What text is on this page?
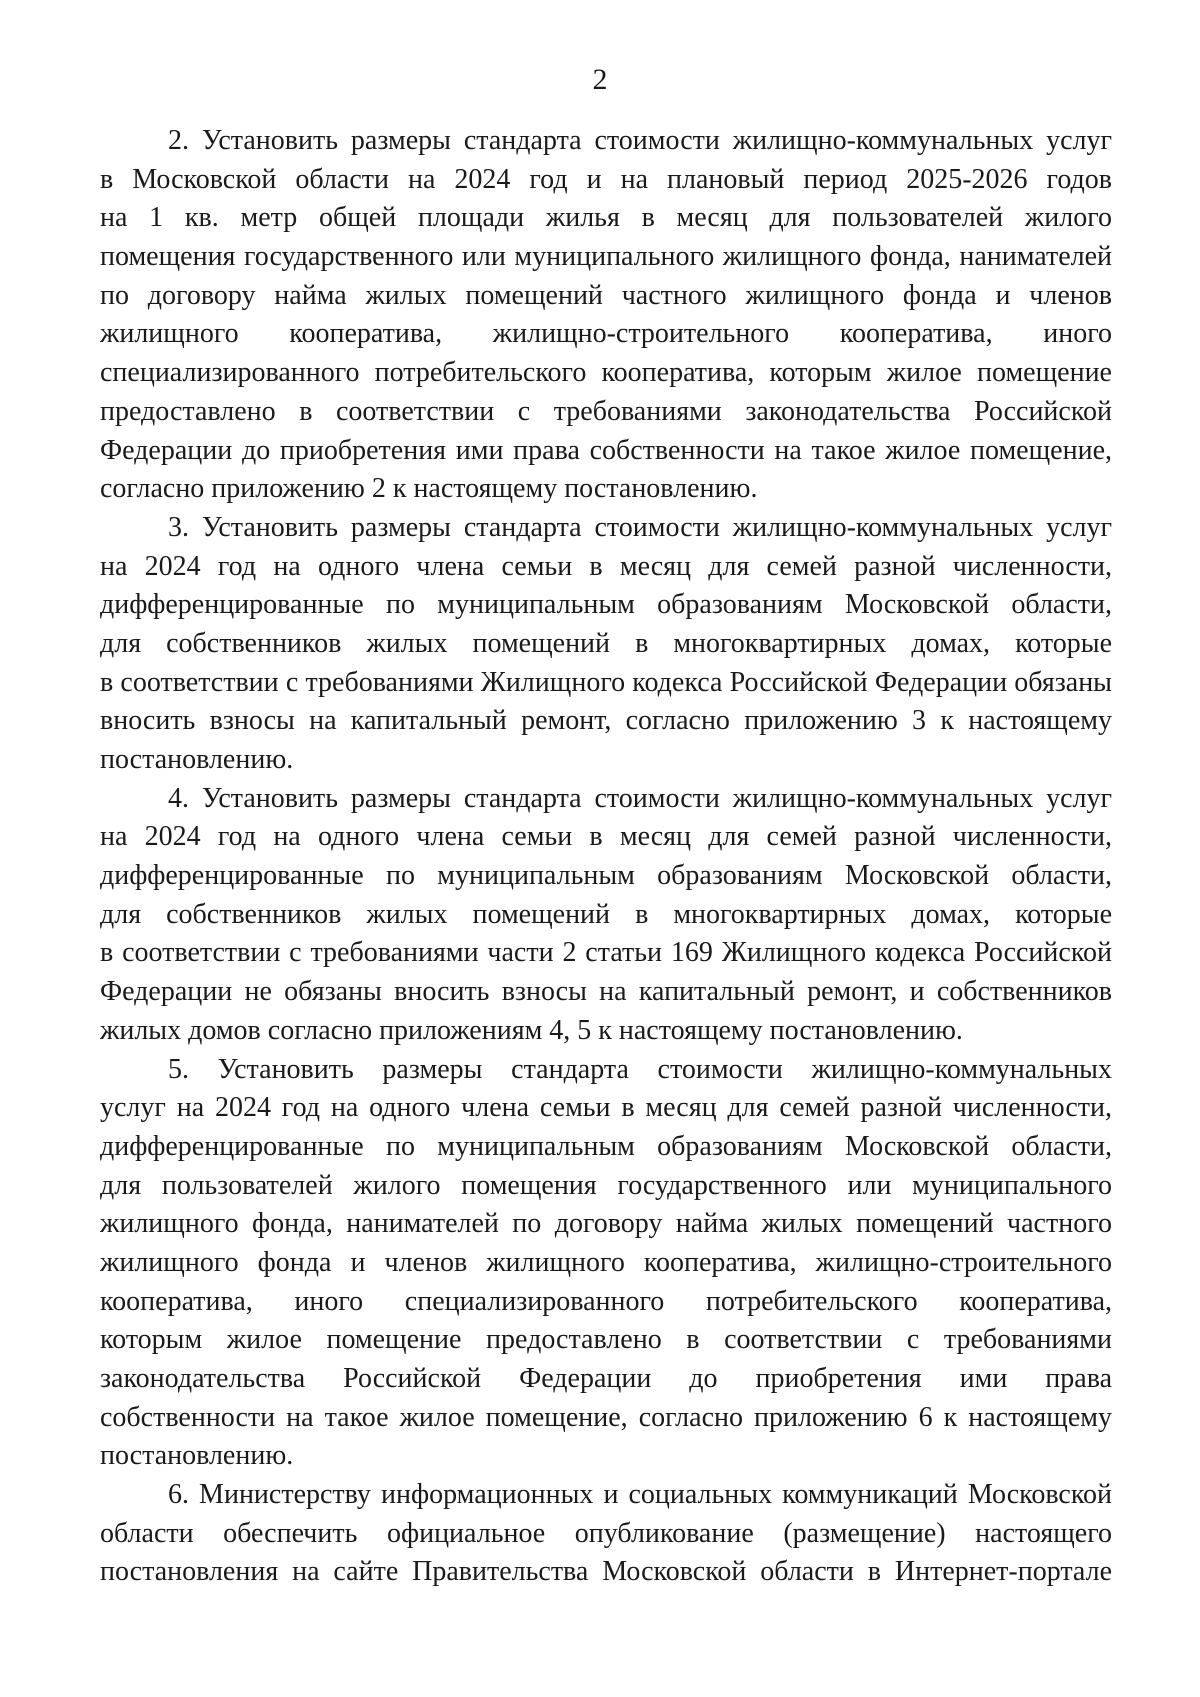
2
2. Установить размеры стандарта стоимости жилищно-коммунальных услуг
в Московской области на 2024 год и на плановый период 2025-2026 годов
на 1 кв. метр общей площади жилья в месяц для пользователей жилого
помещения государственного или муниципального жилищного фонда, нанимателей
по договору найма жилых помещений частного жилищного фонда и членов
жилищного кооператива, жилищно-строительного кооператива, иного
специализированного потребительского кооператива, которым жилое помещение
предоставлено в соответствии с требованиями законодательства Российской
Федерации до приобретения ими права собственности на такое жилое помещение,
согласно приложению 2 к настоящему постановлению.
3. Установить размеры стандарта стоимости жилищно-коммунальных услуг
на 2024 год на одного члена семьи в месяц для семей разной численности,
дифференцированные по муниципальным образованиям Московской области,
для собственников жилых помещений в многоквартирных домах, которые
в соответствии с требованиями Жилищного кодекса Российской Федерации обязаны
вносить взносы на капитальный ремонт, согласно приложению 3 к настоящему
постановлению.
4. Установить размеры стандарта стоимости жилищно-коммунальных услуг
на 2024 год на одного члена семьи в месяц для семей разной численности,
дифференцированные по муниципальным образованиям Московской области,
для собственников жилых помещений в многоквартирных домах, которые
в соответствии с требованиями части 2 статьи 169 Жилищного кодекса Российской
Федерации не обязаны вносить взносы на капитальный ремонт, и собственников
жилых домов согласно приложениям 4, 5 к настоящему постановлению.
5. Установить размеры стандарта стоимости жилищно-коммунальных
услуг на 2024 год на одного члена семьи в месяц для семей разной численности,
дифференцированные по муниципальным образованиям Московской области,
для пользователей жилого помещения государственного или муниципального
жилищного фонда, нанимателей по договору найма жилых помещений частного
жилищного фонда и членов жилищного кооператива, жилищно-строительного
кооператива, иного специализированного потребительского кооператива,
которым жилое помещение предоставлено в соответствии с требованиями
законодательства Российской Федерации до приобретения ими права
собственности на такое жилое помещение, согласно приложению 6 к настоящему
постановлению.
6. Министерству информационных и социальных коммуникаций Московской
области обеспечить официальное опубликование (размещение) настоящего
постановления на сайте Правительства Московской области в Интернет-портале
